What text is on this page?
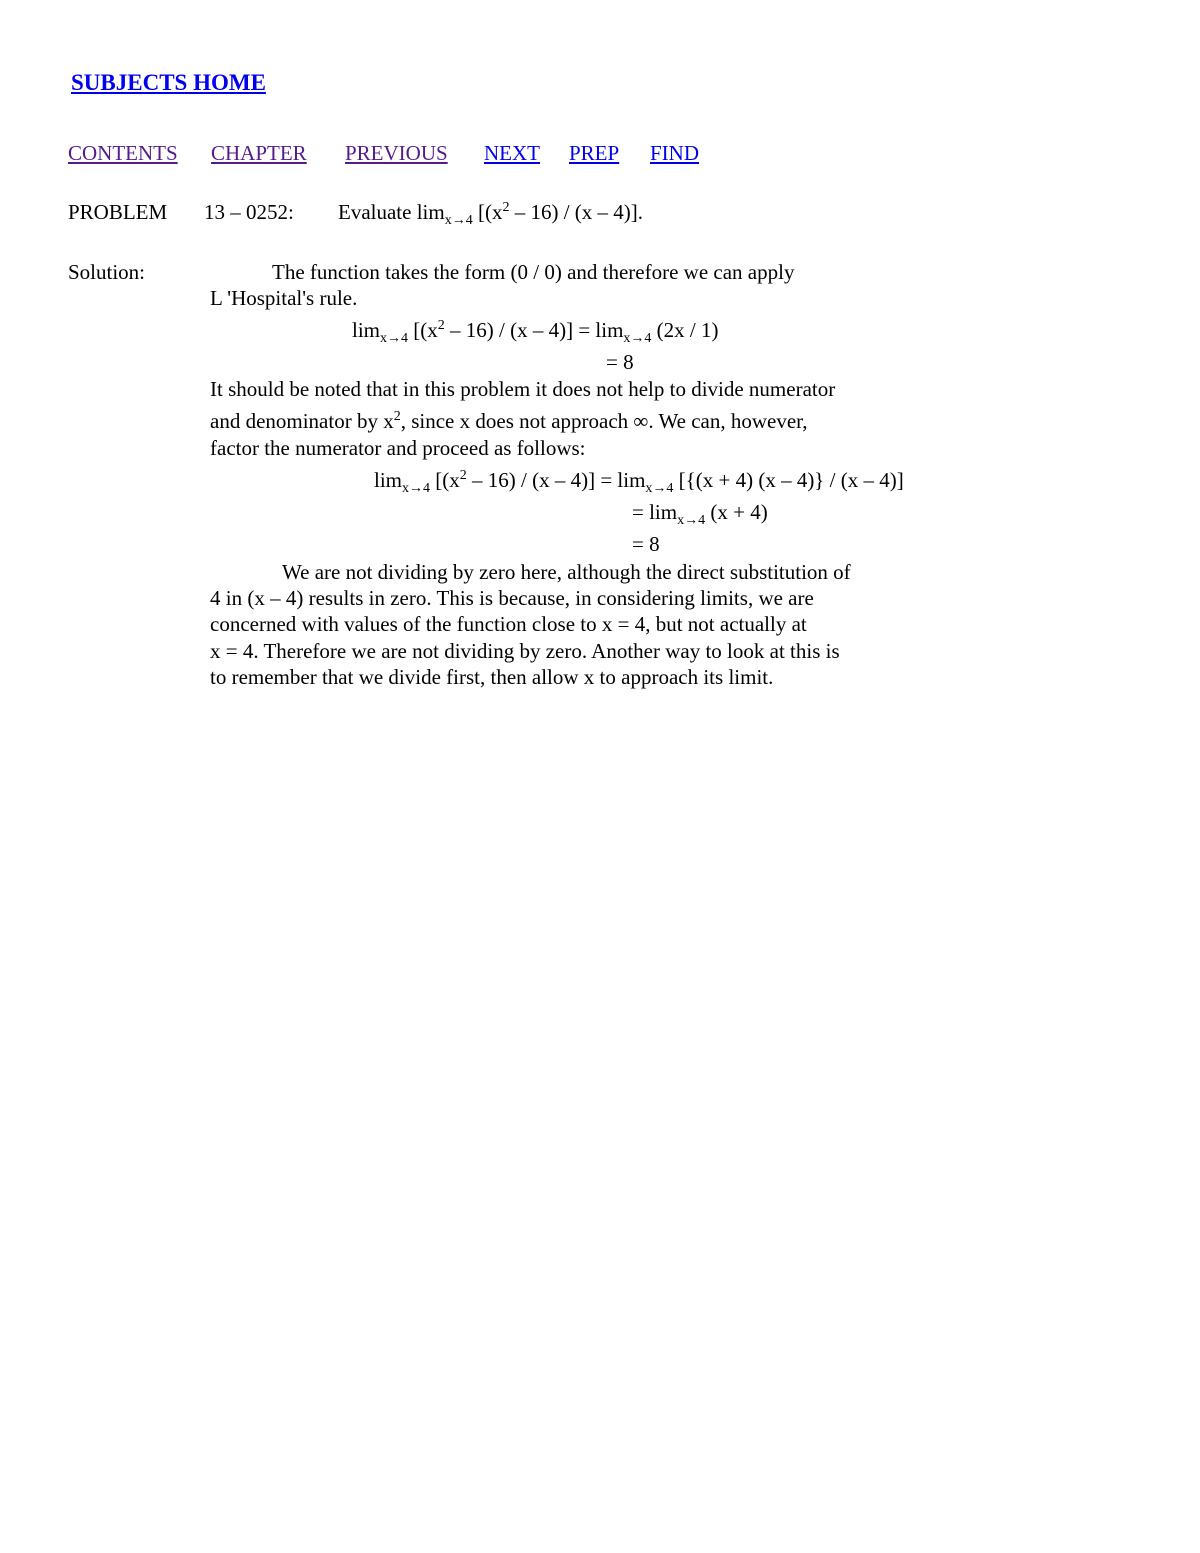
SUBJECTS HOME
CONTENTS CHAPTER PREVIOUS NEXT PREP FIND
PROBLEM 13 – 0252: Evaluate $\lim_{x\to 4} [(x^2 - 16) / (x - 4)]$.
Solution:	The function takes the form (0 / 0) and therefore we can apply
L 'Hospital's rule.
$\lim_{x\to 4} [(x^2 - 16) / (x - 4)] = \lim_{x\to 4} (2x / 1)$
= 8
It should be noted that in this problem it does not help to divide numerator
and denominator by $x^2$, since x does not approach ∞. We can, however,
factor the numerator and proceed as follows:
$\lim_{x\to 4} [(x^2 - 16) / (x - 4)] = \lim_{x\to 4} [\{(x + 4)$ (x – 4)} / (x – 4)]
= $\lim_{x\to 4} (x + 4)$
= 8
We are not dividing by zero here, although the direct substitution of
4 in (x – 4) results in zero. This is because, in considering limits, we are
concerned with values of the function close to x = 4, but not actually at
x = 4. Therefore we are not dividing by zero. Another way to look at this is
to remember that we divide first, then allow x to approach its limit.
